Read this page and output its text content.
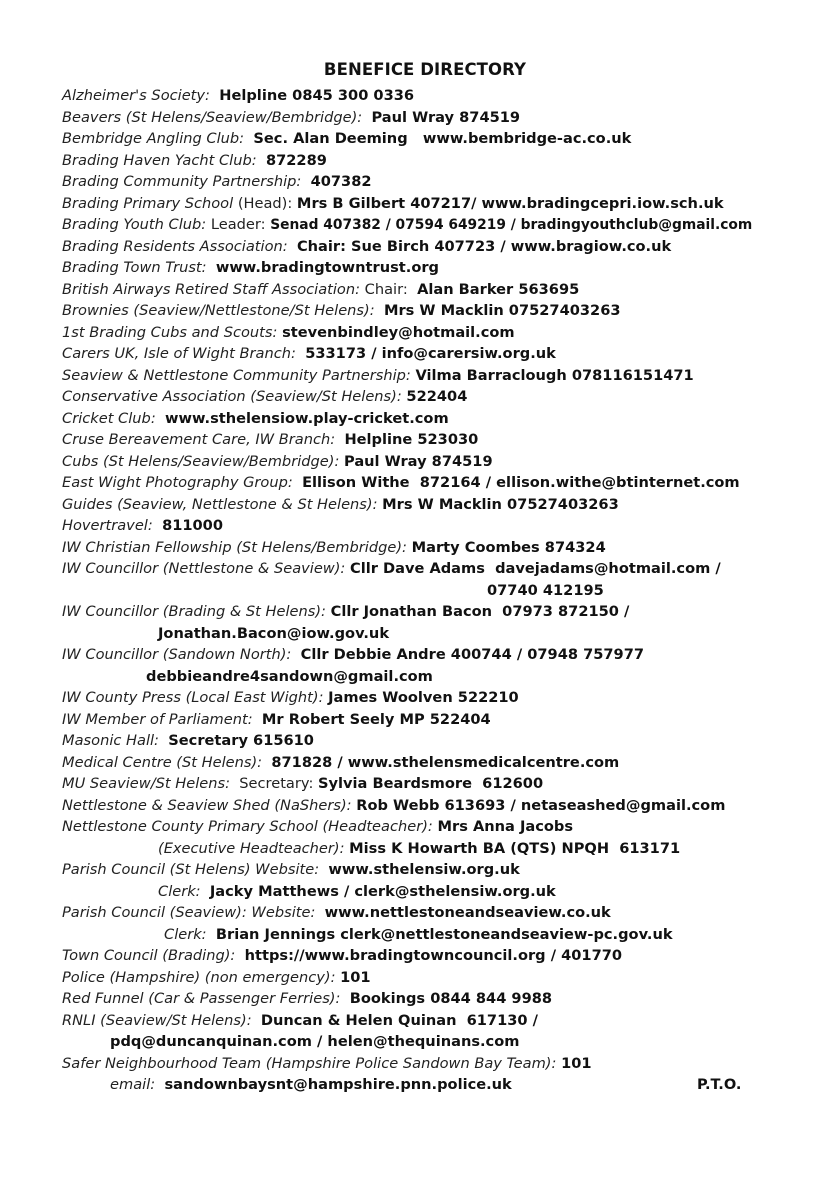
BENEFICE DIRECTORY
Alzheimer's Society: Helpline 0845 300 0336
Beavers (St Helens/Seaview/Bembridge): Paul Wray 874519
Bembridge Angling Club: Sec. Alan Deeming   www.bembridge-ac.co.uk
Brading Haven Yacht Club: 872289
Brading Community Partnership: 407382
Brading Primary School (Head): Mrs B Gilbert 407217/ www.bradingcepri.iow.sch.uk
Brading Youth Club: Leader: Senad 407382 / 07594 649219 / bradingyouthclub@gmail.com
Brading Residents Association: Chair: Sue Birch 407723 / www.bragiow.co.uk
Brading Town Trust: www.bradingtowntrust.org
British Airways Retired Staff Association: Chair: Alan Barker 563695
Brownies (Seaview/Nettlestone/St Helens): Mrs W Macklin 07527403263
1st Brading Cubs and Scouts: stevenbindley@hotmail.com
Carers UK, Isle of Wight Branch: 533173 / info@carersiw.org.uk
Seaview & Nettlestone Community Partnership: Vilma Barraclough 078116151471
Conservative Association (Seaview/St Helens): 522404
Cricket Club: www.sthelensiow.play-cricket.com
Cruse Bereavement Care, IW Branch: Helpline 523030
Cubs (St Helens/Seaview/Bembridge): Paul Wray 874519
East Wight Photography Group: Ellison Withe  872164 / ellison.withe@btinternet.com
Guides (Seaview, Nettlestone & St Helens): Mrs W Macklin 07527403263
Hovertravel: 811000
IW Christian Fellowship (St Helens/Bembridge): Marty Coombes 874324
IW Councillor (Nettlestone & Seaview): Cllr Dave Adams  davejadams@hotmail.com /
07740 412195
IW Councillor (Brading & St Helens): Cllr Jonathan Bacon  07973 872150 /
Jonathan.Bacon@iow.gov.uk
IW Councillor (Sandown North): Cllr Debbie Andre 400744 / 07948 757977
debbieandre4sandown@gmail.com
IW County Press (Local East Wight): James Woolven 522210
IW Member of Parliament: Mr Robert Seely MP 522404
Masonic Hall: Secretary 615610
Medical Centre (St Helens): 871828 / www.sthelensmedicalcentre.com
MU Seaview/St Helens: Secretary: Sylvia Beardsmore  612600
Nettlestone & Seaview Shed (NaShers): Rob Webb 613693 / netaseashed@gmail.com
Nettlestone County Primary School (Headteacher): Mrs Anna Jacobs
(Executive Headteacher): Miss K Howarth BA (QTS) NPQH  613171
Parish Council (St Helens) Website: www.sthelensiw.org.uk
Clerk: Jacky Matthews / clerk@sthelensiw.org.uk
Parish Council (Seaview): Website: www.nettlestoneandseaview.co.uk
Clerk: Brian Jennings clerk@nettlestoneandseaview-pc.gov.uk
Town Council (Brading): https://www.bradingtowncouncil.org / 401770
Police (Hampshire) (non emergency): 101
Red Funnel (Car & Passenger Ferries): Bookings 0844 844 9988
RNLI (Seaview/St Helens): Duncan & Helen Quinan  617130 /
pdq@duncanquinan.com / helen@thequinans.com
Safer Neighbourhood Team (Hampshire Police Sandown Bay Team): 101
email: sandownbaysnt@hampshire.pnn.police.uk	P.T.O.
